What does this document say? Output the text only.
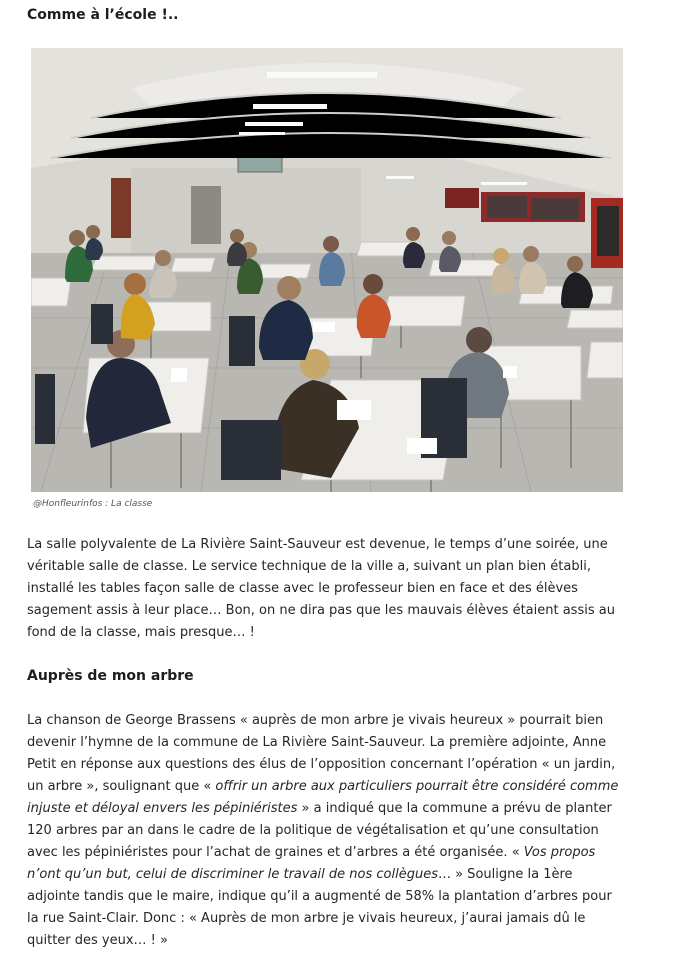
Comme à l’école !..
@Honfleurinfos : La classe

La salle polyvalente de La Rivière Saint-Sauveur est devenue, le temps d’une soirée, une véritable salle de classe. Le service technique de la ville a, suivant un plan bien établi, installé les tables façon salle de classe avec le professeur bien en face et des élèves sagement assis à leur place… Bon, on ne dira pas que les mauvais élèves étaient assis au fond de la classe, mais presque… !

Auprès de mon arbre

La chanson de George Brassens « auprès de mon arbre je vivais heureux » pourrait bien devenir l’hymne de la commune de La Rivière Saint-Sauveur. La première adjointe, Anne Petit en réponse aux questions des élus de l’opposition concernant l’opération « un jardin, un arbre », soulignant que « offrir un arbre aux particuliers pourrait être considéré comme injuste et déloyal envers les pépiniéristes » a indiqué que la commune a prévu de planter 120 arbres par an dans le cadre de la politique de végétalisation et qu’une consultation avec les pépiniéristes pour l’achat de graines et d’arbres a été organisée. « Vos propos n’ont qu’un but, celui de discriminer le travail de nos collègues… » Souligne la 1ère adjointe tandis que le maire, indique qu’il a augmenté de 58% la plantation d’arbres pour la rue Saint-Clair. Donc : « Auprès de mon arbre je vivais heureux, j’aurai jamais dû le quitter des yeux… ! »
